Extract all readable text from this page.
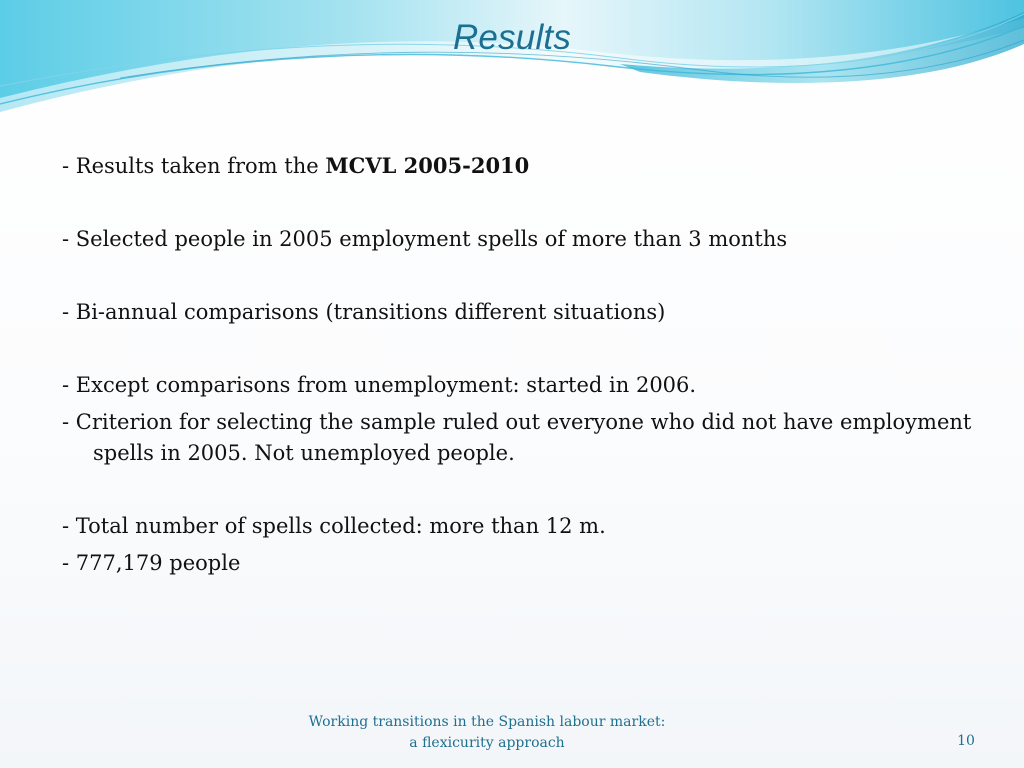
Results

- Results taken from the MCVL 2005-2010

- Selected people in 2005 employment spells of more than 3 months

- Bi-annual comparisons (transitions different situations)

- Except comparisons from unemployment: started in 2006.

- Criterion for selecting the sample ruled out everyone who did not have employment spells in 2005. Not unemployed people.

- Total number of spells collected: more than 12 m.

- 777,179 people

Working transitions in the Spanish labour market:
a flexicurity approach	10
